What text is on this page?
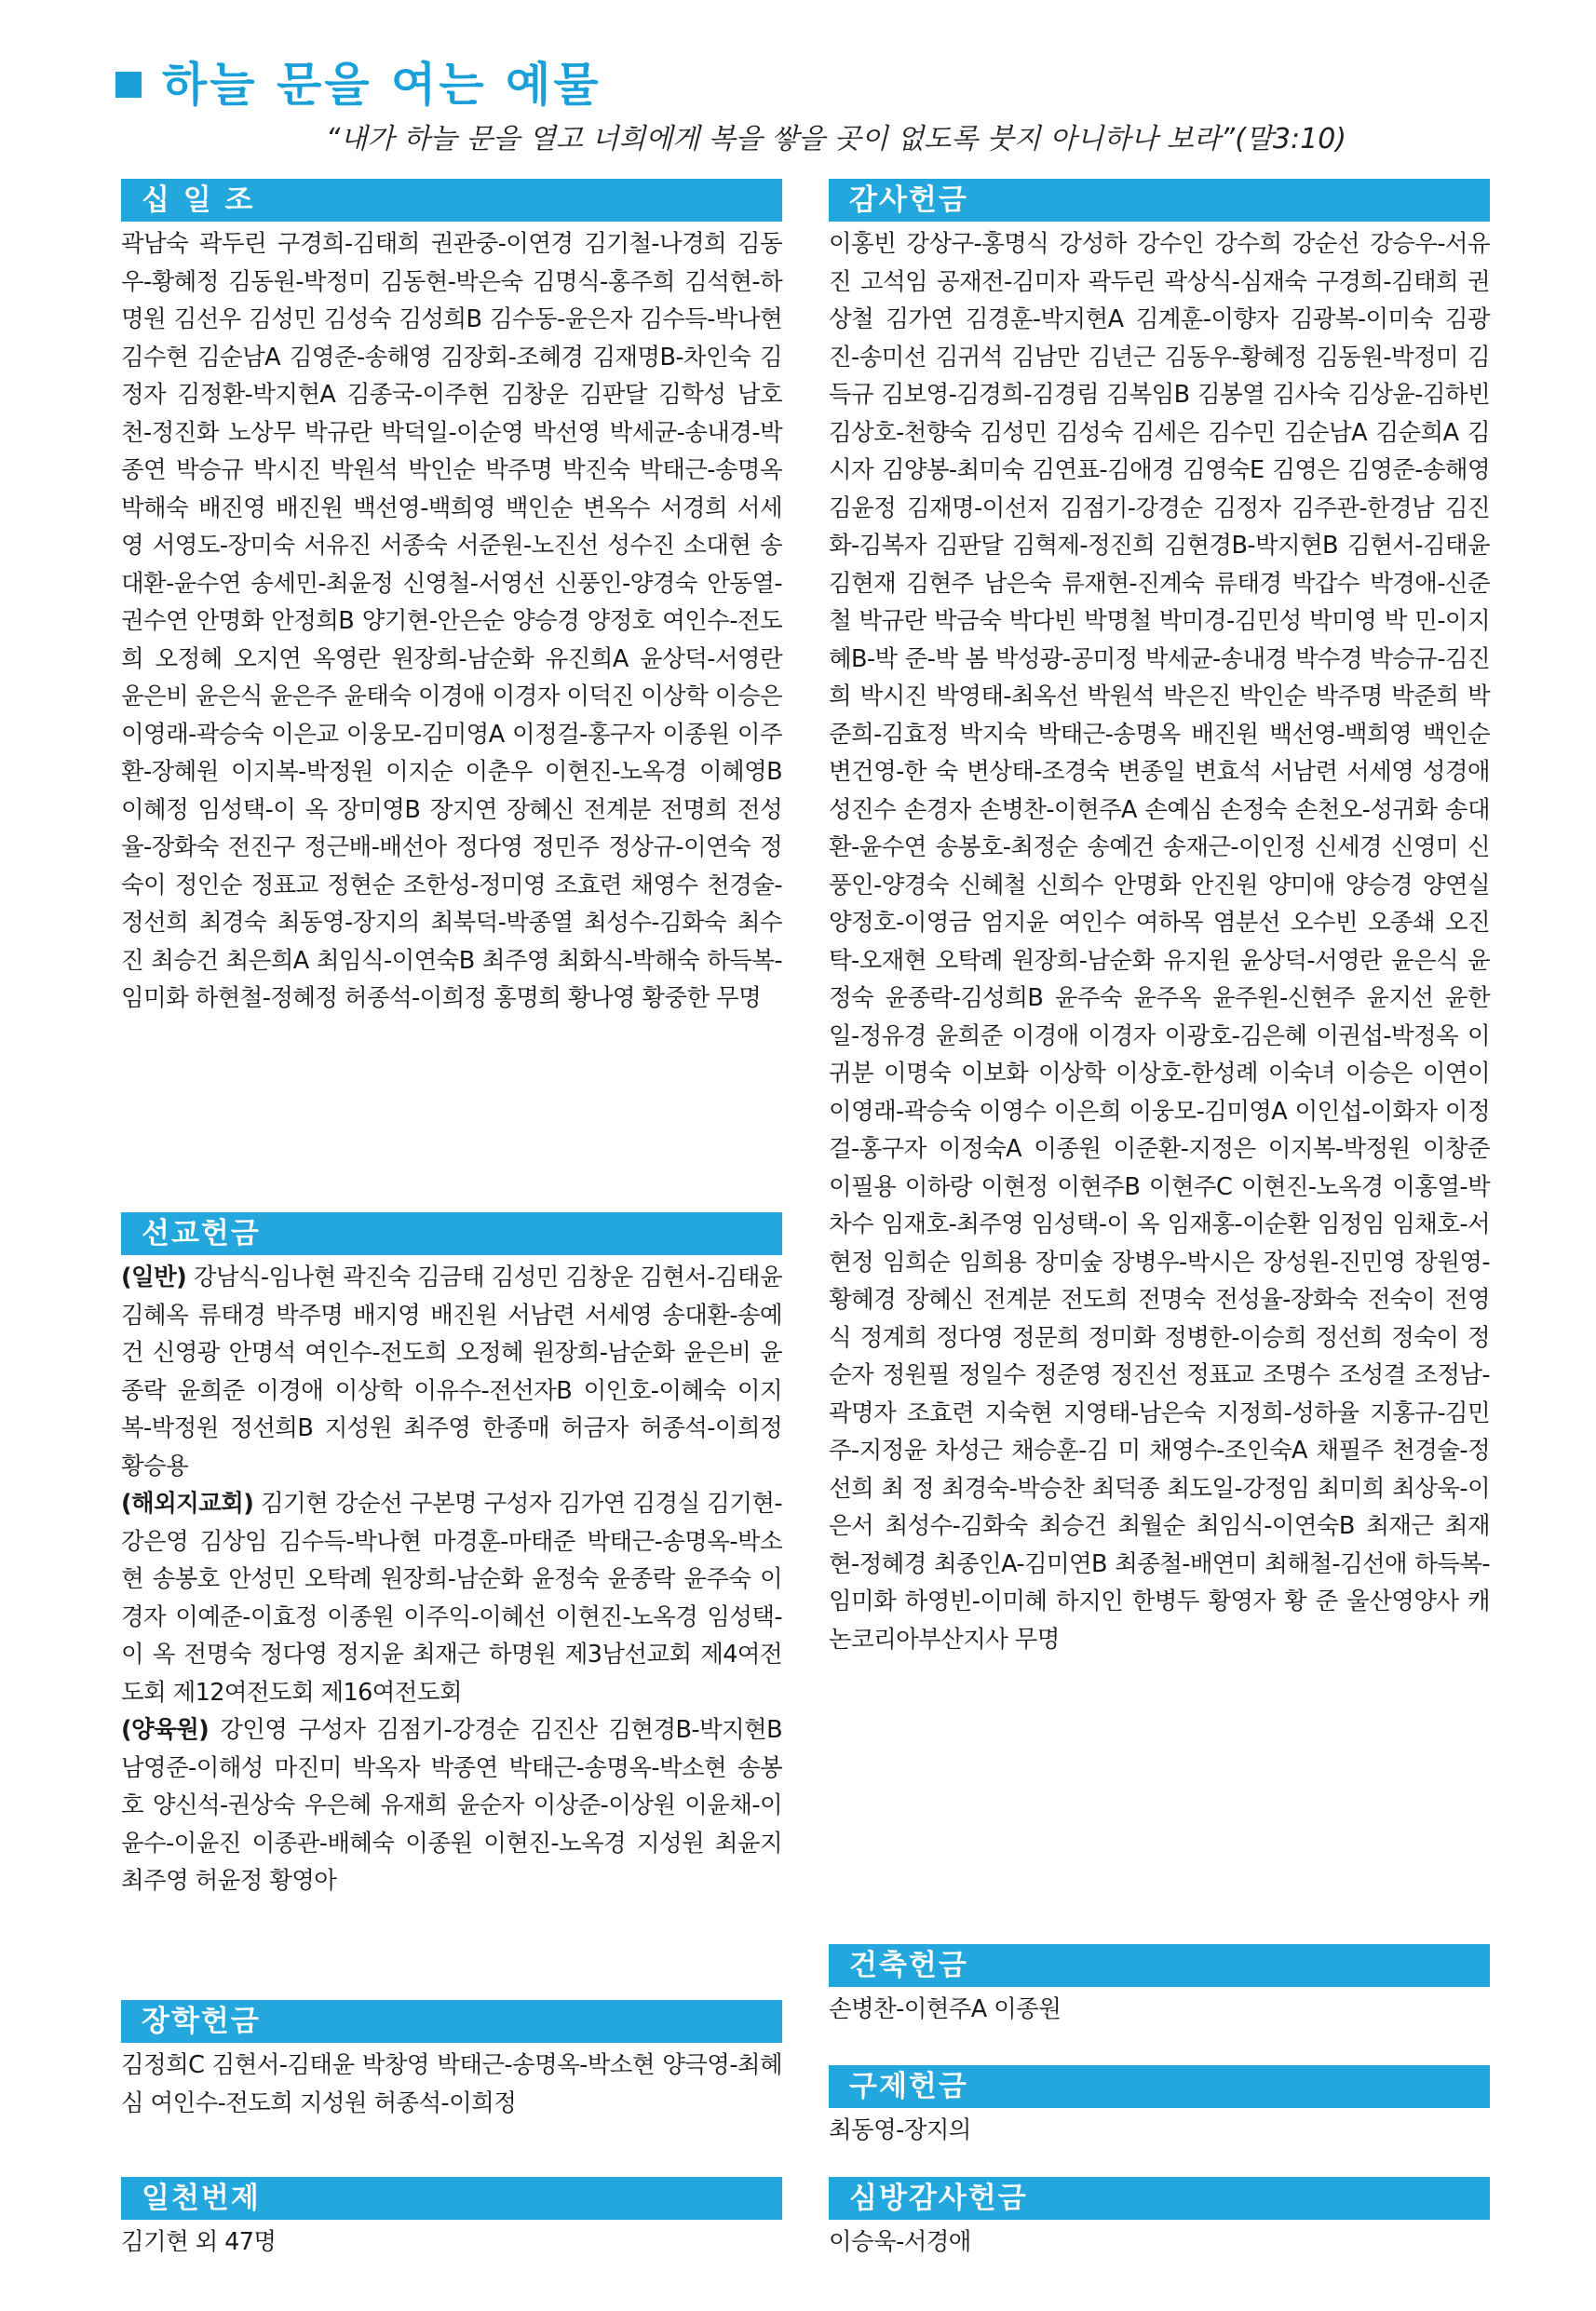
하늘 문을 여는 예물
“내가 하늘 문을 열고 너희에게 복을 쌓을 곳이 없도록 붓지 아니하나 보라”(말3:10)
십 일 조
곽남숙 곽두린 구경희-김태희 권관중-이연경 김기철-나경희 김동우-황혜정 김동원-박정미 김동현-박은숙 김명식-홍주희 김석현-하명원 김선우 김성민 김성숙 김성희B 김수동-윤은자 김수득-박나현 김수현 김순남A 김영준-송해영 김장회-조혜경 김재명B-차인숙 김정자 김정환-박지현A 김종국-이주현 김창운 김판달 김학성 남호천-정진화 노상무 박규란 박덕일-이순영 박선영 박세균-송내경-박종연 박승규 박시진 박원석 박인순 박주명 박진숙 박태근-송명옥 박해숙 배진영 배진원 백선영-백희영 백인순 변옥수 서경희 서세영 서영도-장미숙 서유진 서종숙 서준원-노진선 성수진 소대현 송대환-윤수연 송세민-최윤정 신영철-서영선 신풍인-양경숙 안동열-권수연 안명화 안정희B 양기현-안은순 양승경 양정호 여인수-전도희 오정혜 오지연 옥영란 원장희-남순화 유진희A 윤상덕-서영란 윤은비 윤은식 윤은주 윤태숙 이경애 이경자 이덕진 이상학 이승은 이영래-곽승숙 이은교 이웅모-김미영A 이정걸-홍구자 이종원 이주환-장혜원 이지복-박정원 이지순 이춘우 이현진-노옥경 이혜영B 이혜정 임성택-이 옥 장미영B 장지연 장혜신 전계분 전명희 전성율-장화숙 전진구 정근배-배선아 정다영 정민주 정상규-이연숙 정숙이 정인순 정표교 정현순 조한성-정미영 조효련 채영수 천경술-정선희 최경숙 최동영-장지의 최북덕-박종열 최성수-김화숙 최수진 최승건 최은희A 최임식-이연숙B 최주영 최화식-박해숙 하득복-임미화 하현철-정혜정 허종석-이희정 홍명희 황나영 황중한 무명
선교헌금
(일반) 강남식-임나현 곽진숙 김금태 김성민 김창운 김현서-김태윤 김혜옥 류태경 박주명 배지영 배진원 서남련 서세영 송대환-송예건 신영광 안명석 여인수-전도희 오정혜 원장희-남순화 윤은비 윤종락 윤희준 이경애 이상학 이유수-전선자B 이인호-이혜숙 이지복-박정원 정선희B 지성원 최주영 한종매 허금자 허종석-이희정 황승용
(해외지교회) 김기현 강순선 구본명 구성자 김가연 김경실 김기현-강은영 김상임 김수득-박나현 마경훈-마태준 박태근-송명옥-박소현 송봉호 안성민 오탁례 원장희-남순화 윤정숙 윤종락 윤주숙 이경자 이예준-이효정 이종원 이주익-이혜선 이현진-노옥경 임성택-이 옥 전명숙 정다영 정지윤 최재근 하명원 제3남선교회 제4여전도회 제12여전도회 제16여전도회
(양육원) 강인영 구성자 김점기-강경순 김진산 김현경B-박지현B 남영준-이해성 마진미 박옥자 박종연 박태근-송명옥-박소현 송봉호 양신석-권상숙 우은혜 유재희 윤순자 이상준-이상원 이윤채-이윤수-이윤진 이종관-배혜숙 이종원 이현진-노옥경 지성원 최윤지 최주영 허윤정 황영아
장학헌금
김정희C 김현서-김태윤 박창영 박태근-송명옥-박소현 양극영-최혜심 여인수-전도희 지성원 허종석-이희정
일천번제
김기현 외 47명
감사헌금
이홍빈 강상구-홍명식 강성하 강수인 강수희 강순선 강승우-서유진 고석임 공재전-김미자 곽두린 곽상식-심재숙 구경희-김태희 권상철 김가연 김경훈-박지현A 김계훈-이향자 김광복-이미숙 김광진-송미선 김귀석 김남만 김년근 김동우-황혜정 김동원-박정미 김득규 김보영-김경희-김경림 김복임B 김봉열 김사숙 김상윤-김하빈 김상호-천향숙 김성민 김성숙 김세은 김수민 김순남A 김순희A 김시자 김양봉-최미숙 김연표-김애경 김영숙E 김영은 김영준-송해영 김윤정 김재명-이선저 김점기-강경순 김정자 김주관-한경남 김진화-김복자 김판달 김혁제-정진희 김현경B-박지현B 김현서-김태윤 김현재 김현주 남은숙 류재현-진계숙 류태경 박갑수 박경애-신준철 박규란 박금숙 박다빈 박명철 박미경-김민성 박미영 박 민-이지혜B-박 준-박 봄 박성광-공미정 박세균-송내경 박수경 박승규-김진희 박시진 박영태-최옥선 박원석 박은진 박인순 박주명 박준희 박준희-김효정 박지숙 박태근-송명옥 배진원 백선영-백희영 백인순 변건영-한 숙 변상태-조경숙 변종일 변효석 서남련 서세영 성경애 성진수 손경자 손병찬-이현주A 손예심 손정숙 손천오-성귀화 송대환-윤수연 송봉호-최정순 송예건 송재근-이인정 신세경 신영미 신풍인-양경숙 신혜철 신희수 안명화 안진원 양미애 양승경 양연실 양정호-이영금 엄지윤 여인수 여하목 염분선 오수빈 오종쇄 오진탁-오재현 오탁례 원장희-남순화 유지원 윤상덕-서영란 윤은식 윤정숙 윤종락-김성희B 윤주숙 윤주옥 윤주원-신현주 윤지선 윤한일-정유경 윤희준 이경애 이경자 이광호-김은혜 이권섭-박정옥 이귀분 이명숙 이보화 이상학 이상호-한성례 이숙녀 이승은 이연이 이영래-곽승숙 이영수 이은희 이웅모-김미영A 이인섭-이화자 이정걸-홍구자 이정숙A 이종원 이준환-지정은 이지복-박정원 이창준 이필용 이하랑 이현정 이현주B 이현주C 이현진-노옥경 이홍열-박차수 임재호-최주영 임성택-이 옥 임재홍-이순환 임정임 임채호-서현정 임희순 임희용 장미숲 장병우-박시은 장성원-진민영 장원영-황혜경 장혜신 전계분 전도희 전명숙 전성율-장화숙 전숙이 전영식 정계희 정다영 정문희 정미화 정병한-이승희 정선희 정숙이 정순자 정원필 정일수 정준영 정진선 정표교 조명수 조성결 조정남-곽명자 조효련 지숙현 지영태-남은숙 지정희-성하율 지홍규-김민주-지정윤 차성근 채승훈-김 미 채영수-조인숙A 채필주 천경술-정선희 최 정 최경숙-박승찬 최덕종 최도일-강정임 최미희 최상욱-이은서 최성수-김화숙 최승건 최월순 최임식-이연숙B 최재근 최재현-정혜경 최종인A-김미연B 최종철-배연미 최해철-김선애 하득복-임미화 하영빈-이미혜 하지인 한병두 황영자 황 준 울산영양사 캐논코리아부산지사 무명
건축헌금
손병찬-이현주A 이종원
구제헌금
최동영-장지의
심방감사헌금
이승욱-서경애
